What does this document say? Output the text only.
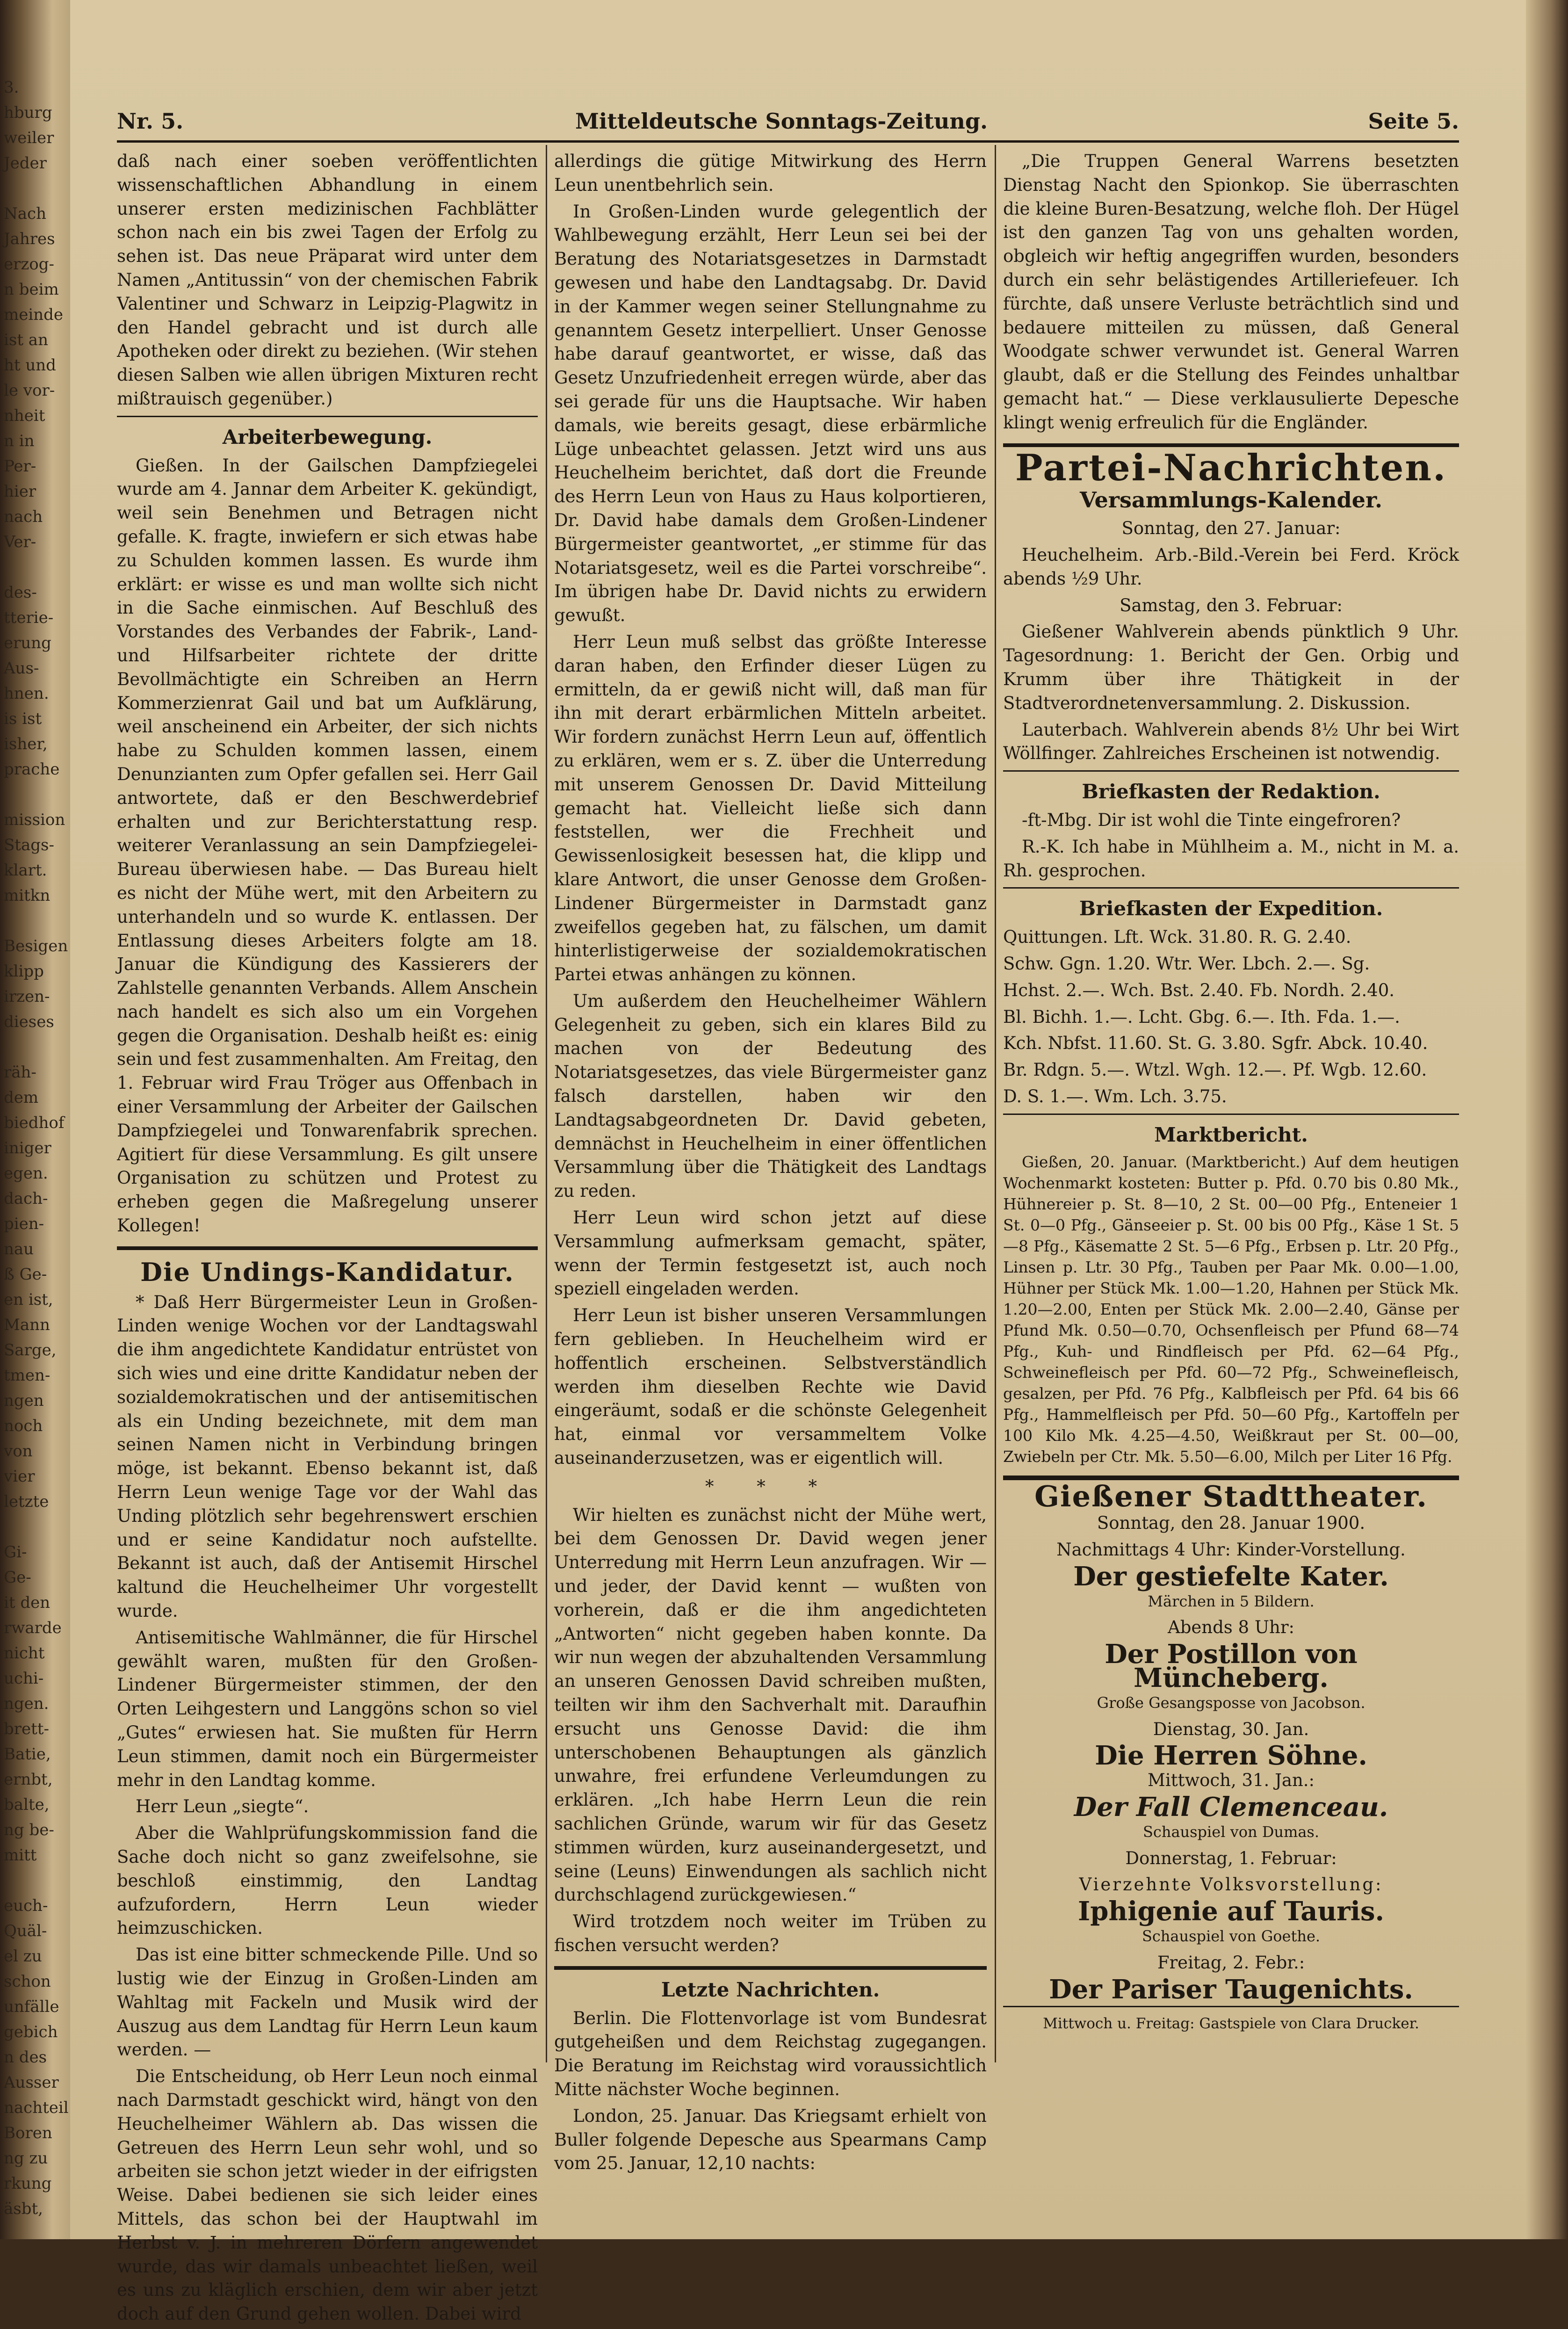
3.
hburg
weiler
Jeder

Nach
Jahres
erzog-
n beim
meinde
ist an
ht und
le vor-
nheit
n in
Per-
hier
nach
Ver-

des-
tterie-
erung
Aus-
hnen.
is ist
isher,
prache

mission
Stags-
klart.
mitkn

Besigen
klipp
irzen-
dieses

räh-
dem
biedhof
iniger
egen.
dach-
pien-
nau
ß Ge-
en ist,
Mann
Sarge,
tmen-
ngen
noch
von
vier
letzte

Gi-
Ge-
it den
rwarde
nicht
uchi-
ngen.
brett-
Batie,
ernbt,
balte,
ng be-
mitt

euch-
Quäl-
el zu
schon
unfälle
gebich
n des
Ausser
nachteil
Boren
ng zu
rkung
äsbt,
Nr. 5.	Mitteldeutsche Sonntags-Zeitung.	Seite 5.

daß nach einer soeben veröffentlichten wissenschaftlichen Abhandlung in einem unserer ersten medizinischen Fachblätter schon nach ein bis zwei Tagen der Erfolg zu sehen ist. Das neue Präparat wird unter dem Namen „Antitussin“ von der chemischen Fabrik Valentiner und Schwarz in Leipzig-Plagwitz in den Handel gebracht und ist durch alle Apotheken oder direkt zu beziehen. (Wir stehen diesen Salben wie allen übrigen Mixturen recht mißtrauisch gegenüber.)

Arbeiterbewegung.

Gießen. In der Gailschen Dampfziegelei wurde am 4. Jannar dem Arbeiter K. gekündigt, weil sein Benehmen und Betragen nicht gefalle. K. fragte, inwiefern er sich etwas habe zu Schulden kommen lassen. Es wurde ihm erklärt: er wisse es und man wollte sich nicht in die Sache einmischen. Auf Beschluß des Vorstandes des Verbandes der Fabrik-, Land- und Hilfsarbeiter richtete der dritte Bevollmächtigte ein Schreiben an Herrn Kommerzienrat Gail und bat um Aufklärung, weil anscheinend ein Arbeiter, der sich nichts habe zu Schulden kommen lassen, einem Denunzianten zum Opfer gefallen sei. Herr Gail antwortete, daß er den Beschwerdebrief erhalten und zur Berichterstattung resp. weiterer Veranlassung an sein Dampfziegelei-Bureau überwiesen habe. — Das Bureau hielt es nicht der Mühe wert, mit den Arbeitern zu unterhandeln und so wurde K. entlassen. Der Entlassung dieses Arbeiters folgte am 18. Januar die Kündigung des Kassierers der Zahlstelle genannten Verbands. Allem Anschein nach handelt es sich also um ein Vorgehen gegen die Organisation. Deshalb heißt es: einig sein und fest zusammenhalten. Am Freitag, den 1. Februar wird Frau Tröger aus Offenbach in einer Versammlung der Arbeiter der Gailschen Dampfziegelei und Tonwarenfabrik sprechen. Agitiert für diese Versammlung. Es gilt unsere Organisation zu schützen und Protest zu erheben gegen die Maßregelung unserer Kollegen!

Die Undings-Kandidatur.

* Daß Herr Bürgermeister Leun in Großen-Linden wenige Wochen vor der Landtagswahl die ihm angedichtete Kandidatur entrüstet von sich wies und eine dritte Kandidatur neben der sozialdemokratischen und der antisemitischen als ein Unding bezeichnete, mit dem man seinen Namen nicht in Verbindung bringen möge, ist bekannt. Ebenso bekannt ist, daß Herrn Leun wenige Tage vor der Wahl das Unding plötzlich sehr begehrenswert erschien und er seine Kandidatur noch aufstellte. Bekannt ist auch, daß der Antisemit Hirschel kaltund die Heuchelheimer Uhr vorgestellt wurde.

Antisemitische Wahlmänner, die für Hirschel gewählt waren, mußten für den Großen-Lindener Bürgermeister stimmen, der den Orten Leihgestern und Langgöns schon so viel „Gutes“ erwiesen hat. Sie mußten für Herrn Leun stimmen, damit noch ein Bürgermeister mehr in den Landtag komme.

Herr Leun „siegte“.

Aber die Wahlprüfungskommission fand die Sache doch nicht so ganz zweifelsohne, sie beschloß einstimmig, den Landtag aufzufordern, Herrn Leun wieder heimzuschicken.

Das ist eine bitter schmeckende Pille. Und so lustig wie der Einzug in Großen-Linden am Wahltag mit Fackeln und Musik wird der Auszug aus dem Landtag für Herrn Leun kaum werden. —

Die Entscheidung, ob Herr Leun noch einmal nach Darmstadt geschickt wird, hängt von den Heuchelheimer Wählern ab. Das wissen die Getreuen des Herrn Leun sehr wohl, und so arbeiten sie schon jetzt wieder in der eifrigsten Weise. Dabei bedienen sie sich leider eines Mittels, das schon bei der Hauptwahl im Herbst v. J. in mehreren Dörfern angewendet wurde, das wir damals unbeachtet ließen, weil es uns zu kläglich erschien, dem wir aber jetzt doch auf den Grund gehen wollen. Dabei wird

allerdings die gütige Mitwirkung des Herrn Leun unentbehrlich sein.

In Großen-Linden wurde gelegentlich der Wahlbewegung erzählt, Herr Leun sei bei der Beratung des Notariatsgesetzes in Darmstadt gewesen und habe den Landtagsabg. Dr. David in der Kammer wegen seiner Stellungnahme zu genanntem Gesetz interpelliert. Unser Genosse habe darauf geantwortet, er wisse, daß das Gesetz Unzufriedenheit erregen würde, aber das sei gerade für uns die Hauptsache. Wir haben damals, wie bereits gesagt, diese erbärmliche Lüge unbeachtet gelassen. Jetzt wird uns aus Heuchelheim berichtet, daß dort die Freunde des Herrn Leun von Haus zu Haus kolportieren, Dr. David habe damals dem Großen-Lindener Bürgermeister geantwortet, „er stimme für das Notariatsgesetz, weil es die Partei vorschreibe“. Im übrigen habe Dr. David nichts zu erwidern gewußt.

Herr Leun muß selbst das größte Interesse daran haben, den Erfinder dieser Lügen zu ermitteln, da er gewiß nicht will, daß man für ihn mit derart erbärmlichen Mitteln arbeitet. Wir fordern zunächst Herrn Leun auf, öffentlich zu erklären, wem er s. Z. über die Unterredung mit unserem Genossen Dr. David Mitteilung gemacht hat. Vielleicht ließe sich dann feststellen, wer die Frechheit und Gewissenlosigkeit besessen hat, die klipp und klare Antwort, die unser Genosse dem Großen-Lindener Bürgermeister in Darmstadt ganz zweifellos gegeben hat, zu fälschen, um damit hinterlistigerweise der sozialdemokratischen Partei etwas anhängen zu können.

Um außerdem den Heuchelheimer Wählern Gelegenheit zu geben, sich ein klares Bild zu machen von der Bedeutung des Notariatsgesetzes, das viele Bürgermeister ganz falsch darstellen, haben wir den Landtagsabgeordneten Dr. David gebeten, demnächst in Heuchelheim in einer öffentlichen Versammlung über die Thätigkeit des Landtags zu reden.

Herr Leun wird schon jetzt auf diese Versammlung aufmerksam gemacht, später, wenn der Termin festgesetzt ist, auch noch speziell eingeladen werden.

Herr Leun ist bisher unseren Versammlungen fern geblieben. In Heuchelheim wird er hoffentlich erscheinen. Selbstverständlich werden ihm dieselben Rechte wie David eingeräumt, sodaß er die schönste Gelegenheit hat, einmal vor versammeltem Volke auseinanderzusetzen, was er eigentlich will.

* * *

Wir hielten es zunächst nicht der Mühe wert, bei dem Genossen Dr. David wegen jener Unterredung mit Herrn Leun anzufragen. Wir — und jeder, der David kennt — wußten von vorherein, daß er die ihm angedichteten „Antworten“ nicht gegeben haben konnte. Da wir nun wegen der abzuhaltenden Versammlung an unseren Genossen David schreiben mußten, teilten wir ihm den Sachverhalt mit. Daraufhin ersucht uns Genosse David: die ihm unterschobenen Behauptungen als gänzlich unwahre, frei erfundene Verleumdungen zu erklären. „Ich habe Herrn Leun die rein sachlichen Gründe, warum wir für das Gesetz stimmen würden, kurz auseinandergesetzt, und seine (Leuns) Einwendungen als sachlich nicht durchschlagend zurückgewiesen.“

Wird trotzdem noch weiter im Trüben zu fischen versucht werden?

Letzte Nachrichten.

Berlin. Die Flottenvorlage ist vom Bundesrat gutgeheißen und dem Reichstag zugegangen. Die Beratung im Reichstag wird voraussichtlich Mitte nächster Woche beginnen.

London, 25. Januar. Das Kriegsamt erhielt von Buller folgende Depesche aus Spearmans Camp vom 25. Januar, 12,10 nachts:

„Die Truppen General Warrens besetzten Dienstag Nacht den Spionkop. Sie überraschten die kleine Buren-Besatzung, welche floh. Der Hügel ist den ganzen Tag von uns gehalten worden, obgleich wir heftig angegriffen wurden, besonders durch ein sehr belästigendes Artilleriefeuer. Ich fürchte, daß unsere Verluste beträchtlich sind und bedauere mitteilen zu müssen, daß General Woodgate schwer verwundet ist. General Warren glaubt, daß er die Stellung des Feindes unhaltbar gemacht hat.“ — Diese verklausulierte Depesche klingt wenig erfreulich für die Engländer.

Partei-Nachrichten.
Versammlungs-Kalender.

Sonntag, den 27. Januar:

Heuchelheim. Arb.-Bild.-Verein bei Ferd. Kröck abends ½9 Uhr.

Samstag, den 3. Februar:

Gießener Wahlverein abends pünktlich 9 Uhr. Tagesordnung: 1. Bericht der Gen. Orbig und Krumm über ihre Thätigkeit in der Stadtverordnetenversammlung. 2. Diskussion.

Lauterbach. Wahlverein abends 8½ Uhr bei Wirt Wöllfinger. Zahlreiches Erscheinen ist notwendig.

Briefkasten der Redaktion.

-ft-Mbg. Dir ist wohl die Tinte eingefroren?

R.-K. Ich habe in Mühlheim a. M., nicht in M. a. Rh. gesprochen.

Briefkasten der Expedition.

Quittungen. Lft. Wck. 31.80. R. G. 2.40.

Schw. Ggn. 1.20. Wtr. Wer. Lbch. 2.—. Sg.

Hchst. 2.—. Wch. Bst. 2.40. Fb. Nordh. 2.40.

Bl. Bichh. 1.—. Lcht. Gbg. 6.—. Ith. Fda. 1.—.

Kch. Nbfst. 11.60. St. G. 3.80. Sgfr. Abck. 10.40.

Br. Rdgn. 5.—. Wtzl. Wgh. 12.—. Pf. Wgb. 12.60.

D. S. 1.—. Wm. Lch. 3.75.

Marktbericht.

Gießen, 20. Januar. (Marktbericht.) Auf dem heutigen Wochenmarkt kosteten: Butter p. Pfd. 0.70 bis 0.80 Mk., Hühnereier p. St. 8—10, 2 St. 00—00 Pfg., Enteneier 1 St. 0—0 Pfg., Gänseeier p. St. 00 bis 00 Pfg., Käse 1 St. 5—8 Pfg., Käsematte 2 St. 5—6 Pfg., Erbsen p. Ltr. 20 Pfg., Linsen p. Ltr. 30 Pfg., Tauben per Paar Mk. 0.00—1.00, Hühner per Stück Mk. 1.00—1.20, Hahnen per Stück Mk. 1.20—2.00, Enten per Stück Mk. 2.00—2.40, Gänse per Pfund Mk. 0.50—0.70, Ochsenfleisch per Pfund 68—74 Pfg., Kuh- und Rindfleisch per Pfd. 62—64 Pfg., Schweinefleisch per Pfd. 60—72 Pfg., Schweinefleisch, gesalzen, per Pfd. 76 Pfg., Kalbfleisch per Pfd. 64 bis 66 Pfg., Hammelfleisch per Pfd. 50—60 Pfg., Kartoffeln per 100 Kilo Mk. 4.25—4.50, Weißkraut per St. 00—00, Zwiebeln per Ctr. Mk. 5.50—6.00, Milch per Liter 16 Pfg.

Gießener Stadttheater.

Sonntag, den 28. Januar 1900.

Nachmittags 4 Uhr: Kinder-Vorstellung.

Der gestiefelte Kater.
Märchen in 5 Bildern.

Abends 8 Uhr:

Der Postillon von Müncheberg.
Große Gesangsposse von Jacobson.

Dienstag, 30. Jan.

Die Herren Söhne.

Mittwoch, 31. Jan.:

Der Fall Clemenceau.
Schauspiel von Dumas.

Donnerstag, 1. Februar:

Vierzehnte Volksvorstellung:

Iphigenie auf Tauris.
Schauspiel von Goethe.

Freitag, 2. Febr.:

Der Pariser Taugenichts.

Mittwoch u. Freitag: Gastspiele von Clara Drucker.
